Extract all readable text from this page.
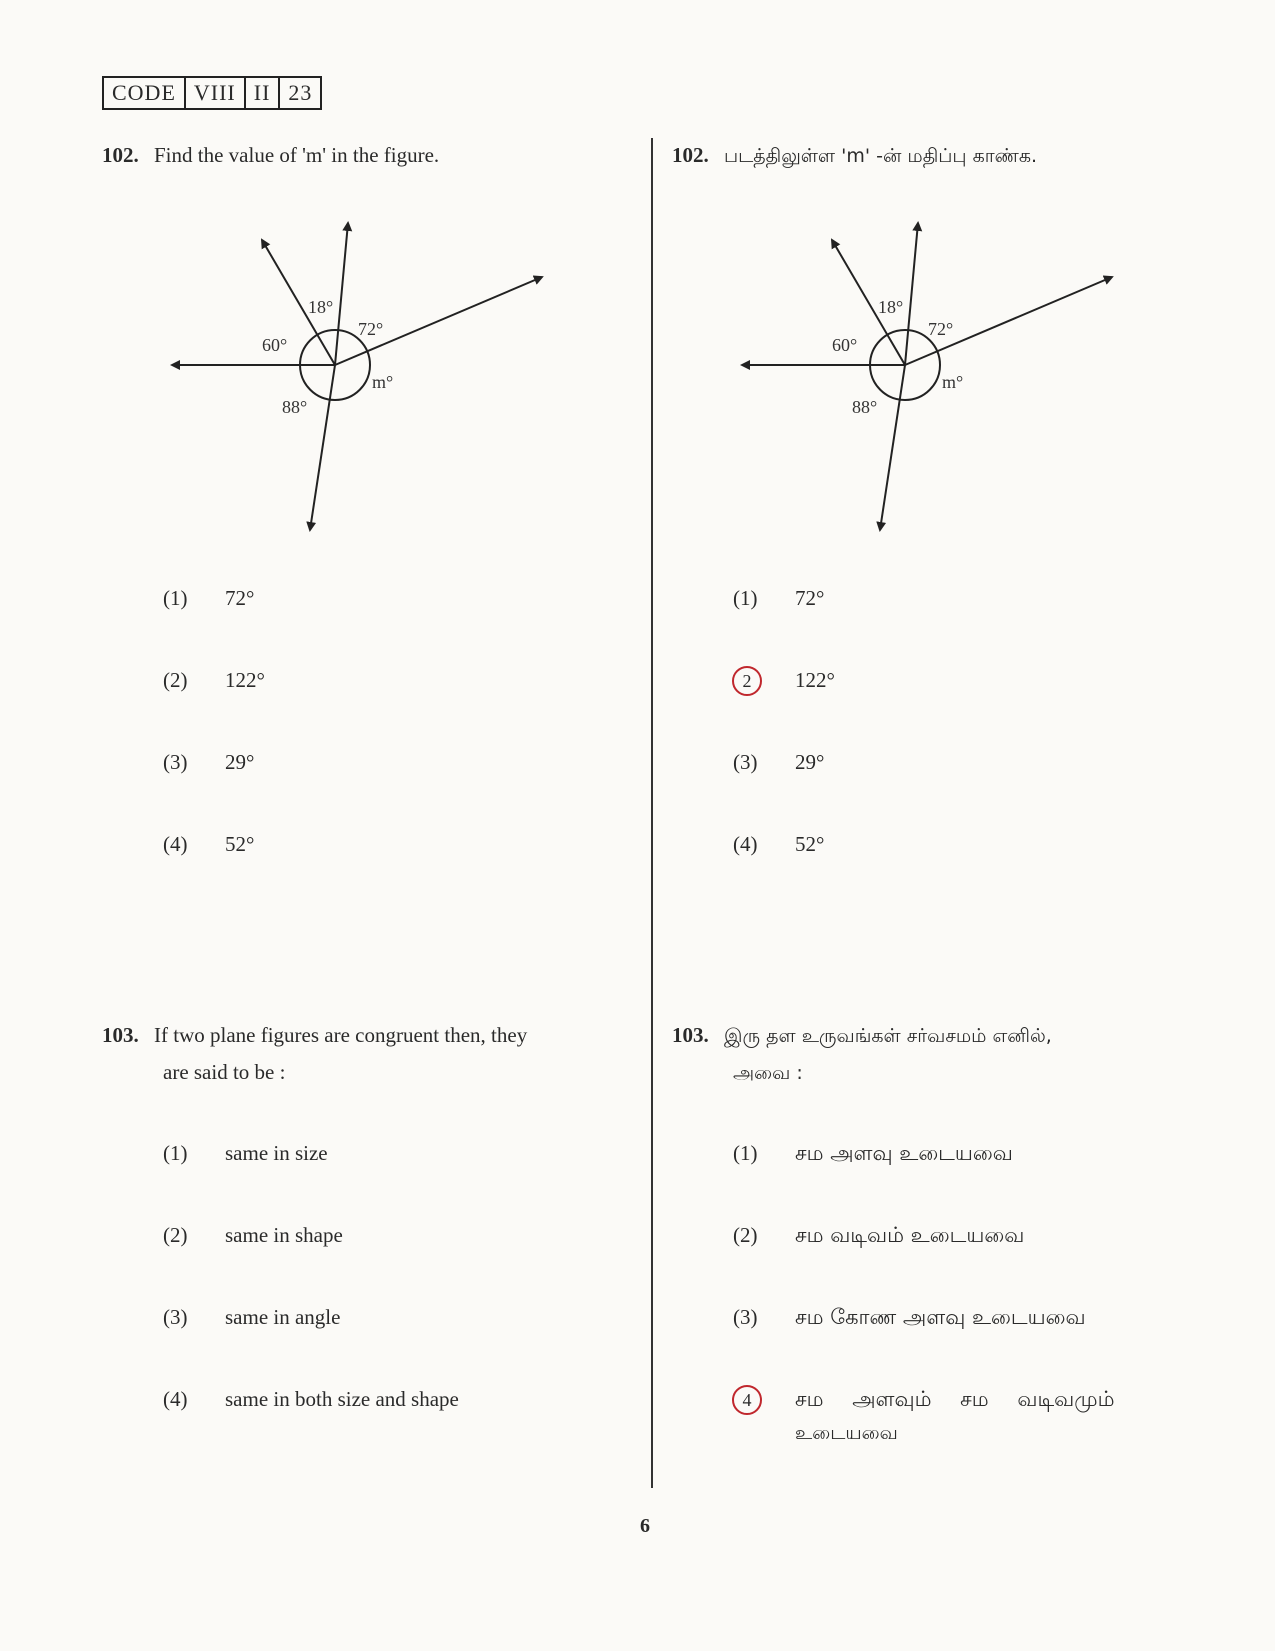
CODE VIII II 23
102. Find the value of 'm' in the figure.
18°
72°
60°
m°
88°
(1)	72°
(2)	122°
(3)	29°
(4)	52°
103. If two plane figures are congruent then, they
are said to be :
(1)	same in size
(2)	same in shape
(3)	same in angle
(4)	same in both size and shape
102. படத்திலுள்ள 'm' -ன் மதிப்பு காண்க.
18°
72°
60°
m°
88°
(1)	72°
2	122°
(3)	29°
(4)	52°
103. இரு தள உருவங்கள் சர்வசமம் எனில்,
அவை :
(1)	சம அளவு உடையவை
(2)	சம வடிவம் உடையவை
(3)	சம கோண அளவு உடையவை
4	சம அளவும் சம வடிவமும்
உடையவை
6
